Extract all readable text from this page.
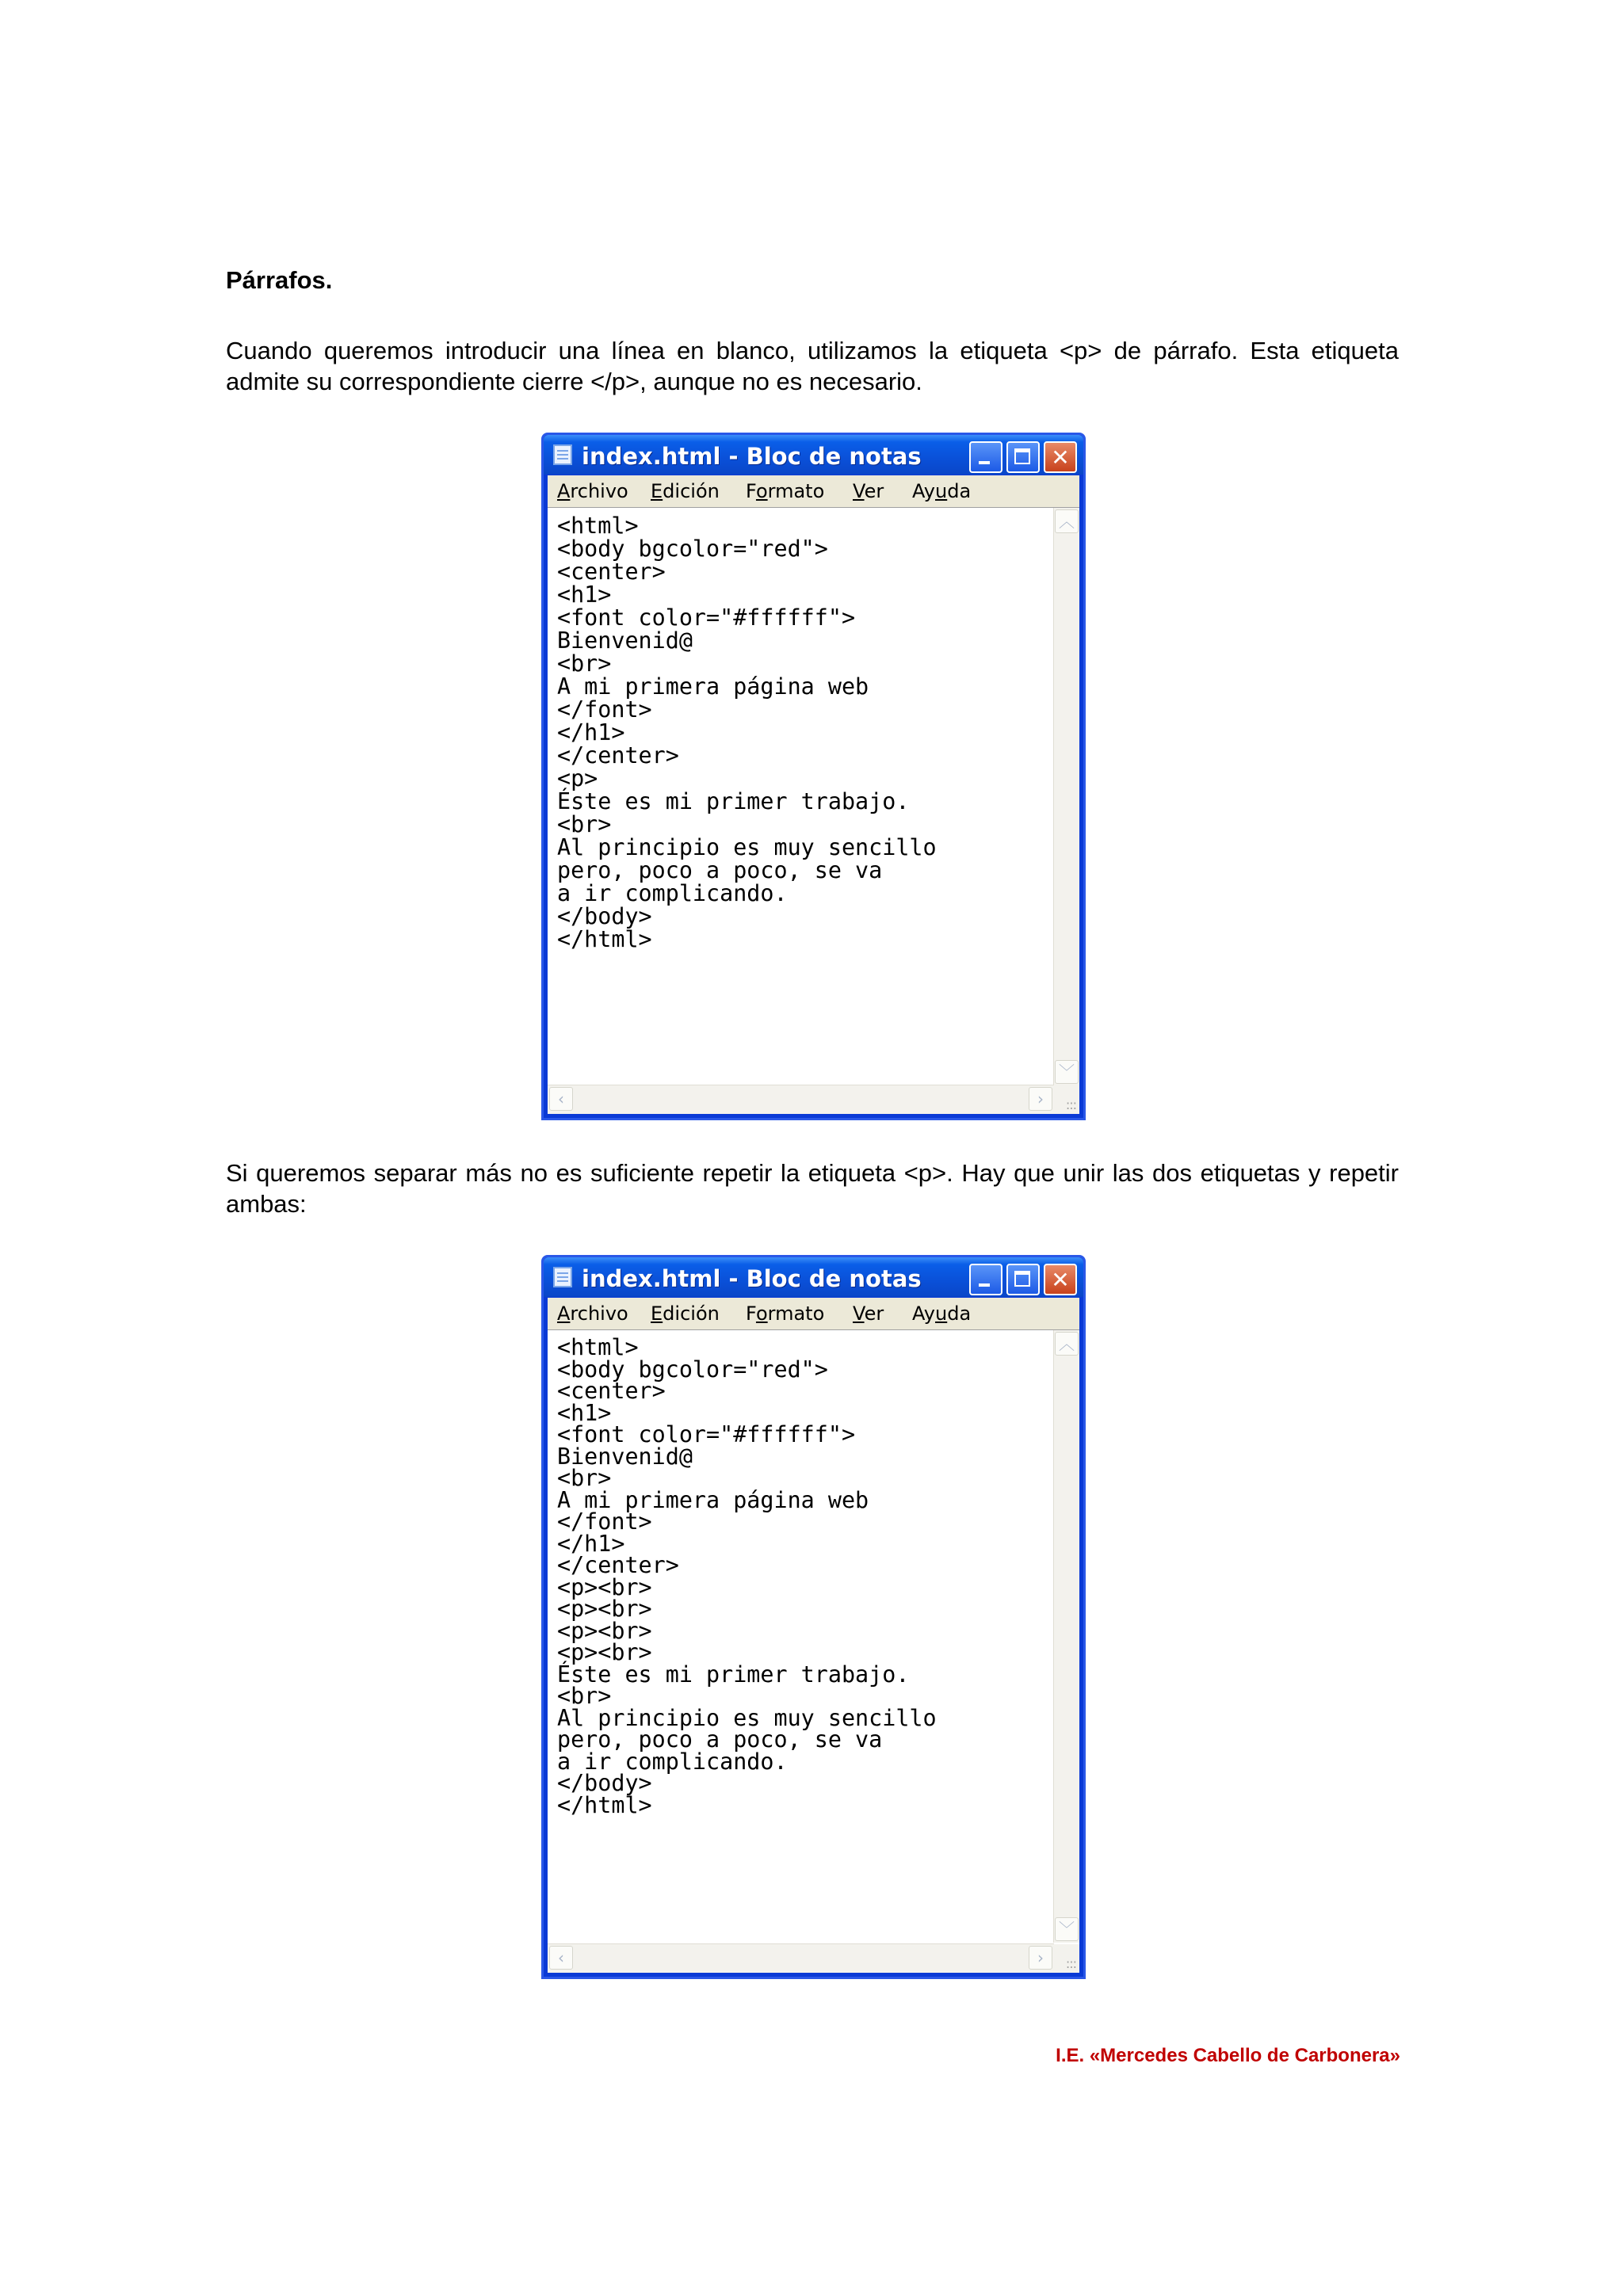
Párrafos.
Cuando queremos introducir una línea en blanco, utilizamos la etiqueta <p> de párrafo. Esta etiqueta admite su correspondiente cierre </p>, aunque no es necesario.
index.html - Bloc de notas	✕
Archivo Edición Formato Ver Ayuda
<html>
<body bgcolor="red">
<center>
<h1>
<font color="#ffffff">
Bienvenid@
<br>
A mi primera página web
</font>
</h1>
</center>
<p>
Éste es mi primer trabajo.
<br>
Al principio es muy sencillo
pero, poco a poco, se va
a ir complicando.
</body>
</html>
︿
﹀
‹	›
:::
Si queremos separar más no es suficiente repetir la etiqueta <p>. Hay que unir las dos etiquetas y repetir ambas:
index.html - Bloc de notas	✕
Archivo Edición Formato Ver Ayuda
<html>
<body bgcolor="red">
<center>
<h1>
<font color="#ffffff">
Bienvenid@
<br>
A mi primera página web
</font>
</h1>
</center>
<p><br>
<p><br>
<p><br>
<p><br>
Éste es mi primer trabajo.
<br>
Al principio es muy sencillo
pero, poco a poco, se va
a ir complicando.
</body>
</html>
︿
﹀
‹	›
:::
I.E. «Mercedes Cabello de Carbonera»
